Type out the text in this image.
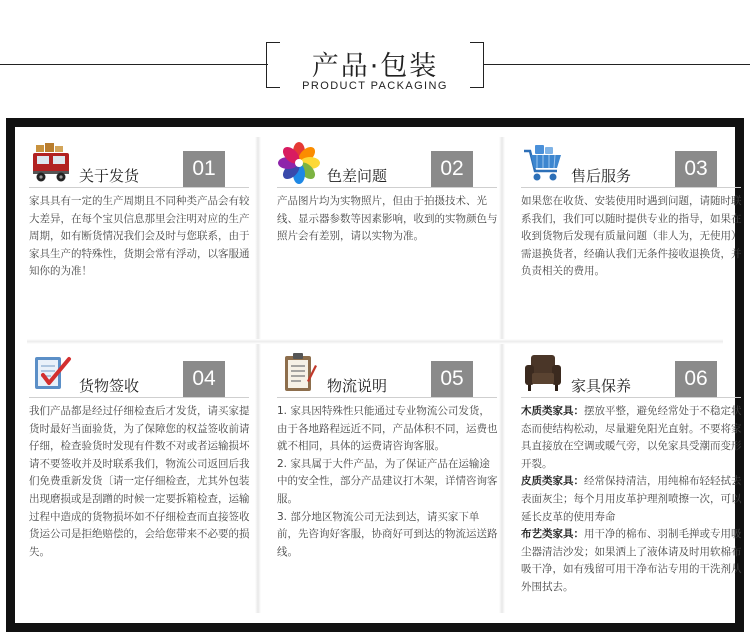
产品·包装
PRODUCT PACKAGING
关于发货	01
家具具有一定的生产周期且不同种类产品会有较大差异，在每个宝贝信息那里会注明对应的生产周期，如有断货情况我们会及时与您联系，由于家具生产的特殊性，货期会常有浮动，以客服通知你的为准！
色差问题	02
产品图片均为实物照片，但由于拍摄技术、光线、显示器参数等因素影响，收到的实物颜色与照片会有差别，请以实物为准。
售后服务	03
如果您在收货、安装使用时遇到问题，请随时联系我们，我们可以随时提供专业的指导，如果在收到货物后发现有质量问题（非人为，无使用）需退换货者，经确认我们无条件接收退换货，并负责相关的费用。
货物签收	04
我们产品都是经过仔细检查后才发货，请买家提货时最好当面验货，为了保障您的权益签收前请仔细，检查验货时发现有件数不对或者运输损坏请不要签收并及时联系我们，物流公司返回后我们免费重新发货〔请一定仔细检查，尤其外包装出现磨损或是刮蹭的时候一定要拆箱检查，运输过程中造成的货物损坏如不仔细检查而直接签收货运公司是拒绝赔偿的，会给您带来不必要的损失。
物流说明	05

1. 家具因特殊性只能通过专业物流公司发货，由于各地路程远近不同，产品体积不同，运费也就不相同，具体的运费请咨询客服。

2. 家具属于大件产品，为了保证产品在运输途中的安全性，部分产品建议打木架，详情咨询客服。

3. 部分地区物流公司无法到达，请买家下单前，先咨询好客服，协商好可到达的物流运送路线。

家具保养	06

木质类家具：摆放平整，避免经常处于不稳定状态而使结构松动，尽量避免阳光直射。不要将家具直接放在空调或暖气旁，以免家具受潮而变形开裂。

皮质类家具：经常保持清洁，用纯棉布轻轻拭去表面灰尘；每个月用皮革护理剂喷擦一次，可以延长皮革的使用寿命

布艺类家具：用干净的棉布、羽制毛掸或专用吸尘器清洁沙发；如果洒上了液体请及时用软棉布吸干净，如有残留可用干净布沾专用的干洗剂从外围拭去。
